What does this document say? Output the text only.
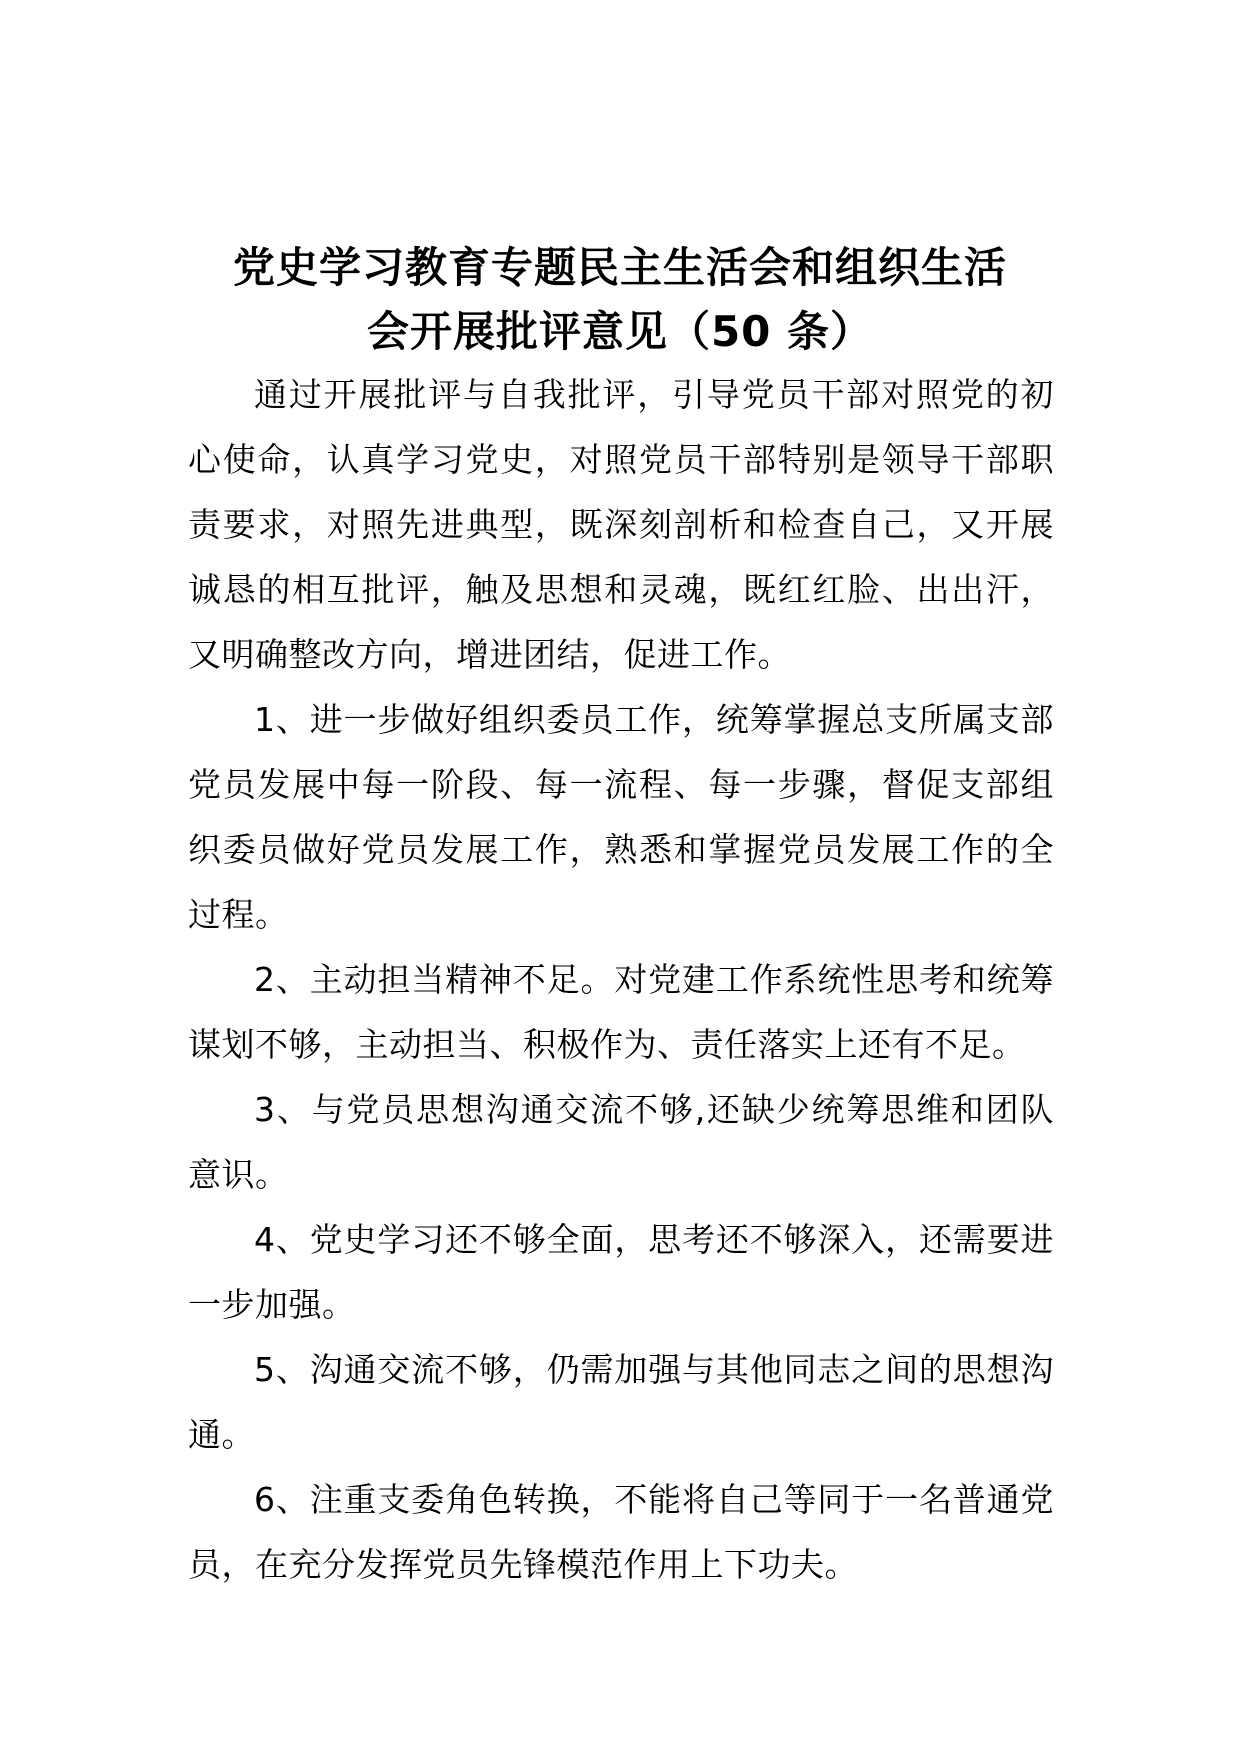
党史学习教育专题民主生活会和组织生活
会开展批评意见（50 条）

通过开展批评与自我批评，引导党员干部对照党的初心使命，认真学习党史，对照党员干部特别是领导干部职责要求，对照先进典型，既深刻剖析和检查自己，又开展诚恳的相互批评，触及思想和灵魂，既红红脸、出出汗，又明确整改方向，增进团结，促进工作。

1、进一步做好组织委员工作，统筹掌握总支所属支部党员发展中每一阶段、每一流程、每一步骤，督促支部组织委员做好党员发展工作，熟悉和掌握党员发展工作的全过程。

2、主动担当精神不足。对党建工作系统性思考和统筹谋划不够，主动担当、积极作为、责任落实上还有不足。

3、与党员思想沟通交流不够,还缺少统筹思维和团队意识。

4、党史学习还不够全面，思考还不够深入，还需要进一步加强。

5、沟通交流不够，仍需加强与其他同志之间的思想沟通。

6、注重支委角色转换，不能将自己等同于一名普通党员，在充分发挥党员先锋模范作用上下功夫。
